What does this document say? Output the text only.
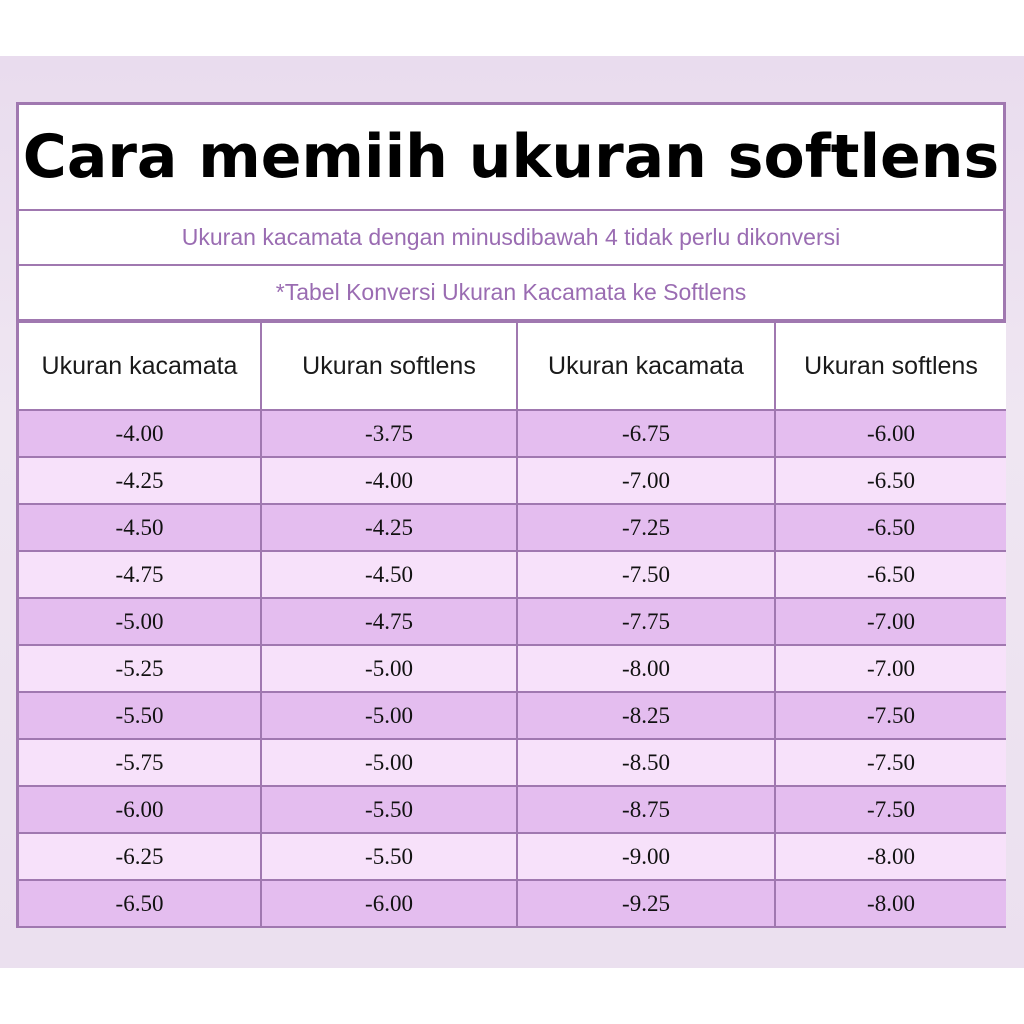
Cara memiih ukuran softlens
Ukuran kacamata dengan minusdibawah 4 tidak perlu dikonversi
*Tabel Konversi Ukuran Kacamata ke Softlens
Ukuran kacamata	Ukuran softlens	Ukuran kacamata	Ukuran softlens
-4.00	-3.75	-6.75	-6.00
-4.25	-4.00	-7.00	-6.50
-4.50	-4.25	-7.25	-6.50
-4.75	-4.50	-7.50	-6.50
-5.00	-4.75	-7.75	-7.00
-5.25	-5.00	-8.00	-7.00
-5.50	-5.00	-8.25	-7.50
-5.75	-5.00	-8.50	-7.50
-6.00	-5.50	-8.75	-7.50
-6.25	-5.50	-9.00	-8.00
-6.50	-6.00	-9.25	-8.00
